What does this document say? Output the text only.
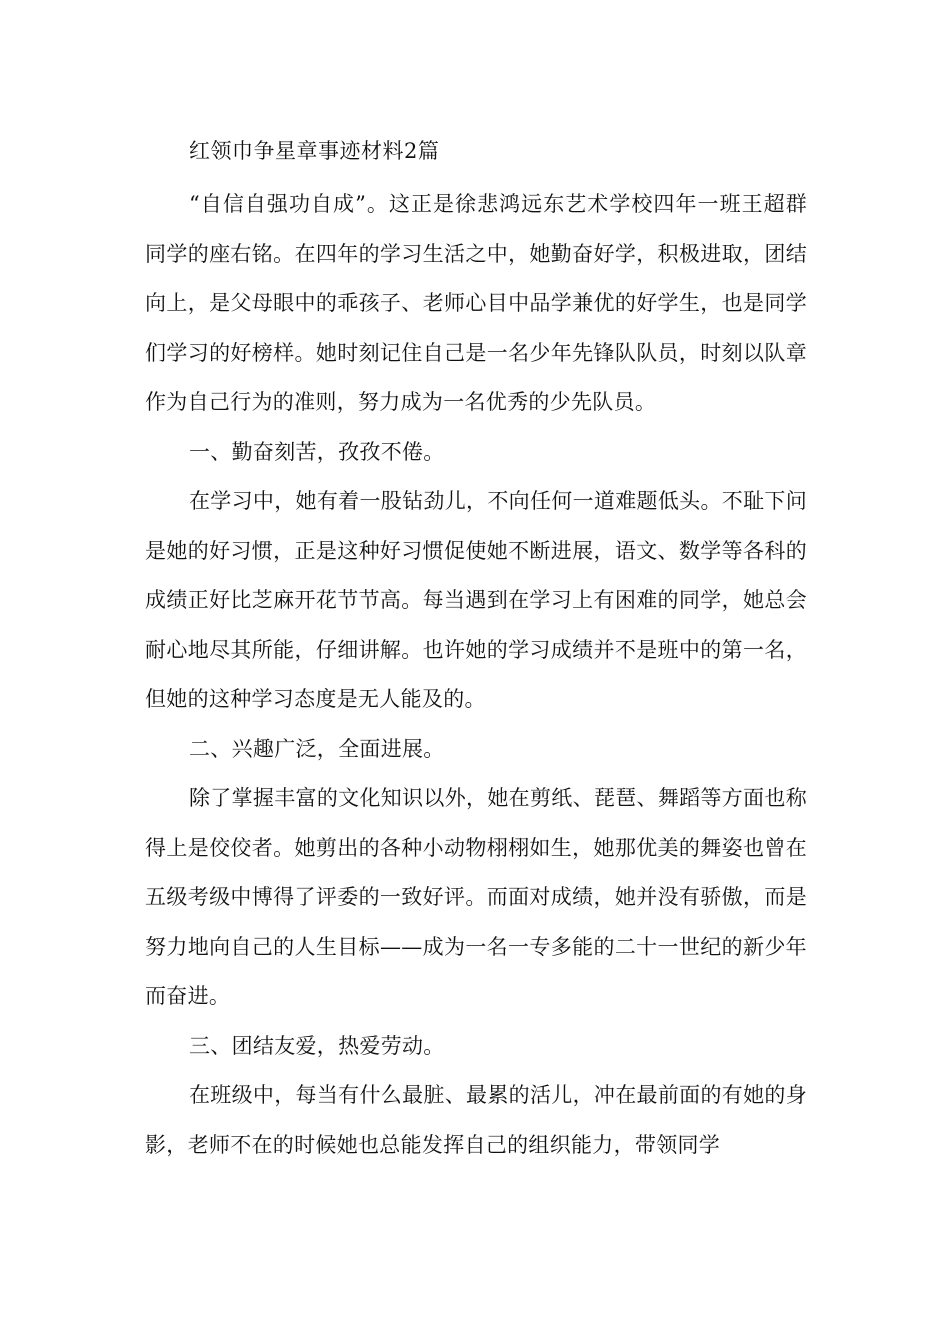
红领巾争星章事迹材料2篇

“自信自强功自成”。这正是徐悲鸿远东艺术学校四年一班王超群同学的座右铭。在四年的学习生活之中，她勤奋好学，积极进取，团结向上，是父母眼中的乖孩子、老师心目中品学兼优的好学生，也是同学们学习的好榜样。她时刻记住自己是一名少年先锋队队员，时刻以队章作为自己行为的准则，努力成为一名优秀的少先队员。

一、勤奋刻苦，孜孜不倦。

在学习中，她有着一股钻劲儿，不向任何一道难题低头。不耻下问是她的好习惯，正是这种好习惯促使她不断进展，语文、数学等各科的成绩正好比芝麻开花节节高。每当遇到在学习上有困难的同学，她总会耐心地尽其所能，仔细讲解。也许她的学习成绩并不是班中的第一名，但她的这种学习态度是无人能及的。

二、兴趣广泛，全面进展。

除了掌握丰富的文化知识以外，她在剪纸、琵琶、舞蹈等方面也称得上是佼佼者。她剪出的各种小动物栩栩如生，她那优美的舞姿也曾在五级考级中博得了评委的一致好评。而面对成绩，她并没有骄傲，而是努力地向自己的人生目标——成为一名一专多能的二十一世纪的新少年而奋进。

三、团结友爱，热爱劳动。

在班级中，每当有什么最脏、最累的活儿，冲在最前面的有她的身影，老师不在的时候她也总能发挥自己的组织能力，带领同学
